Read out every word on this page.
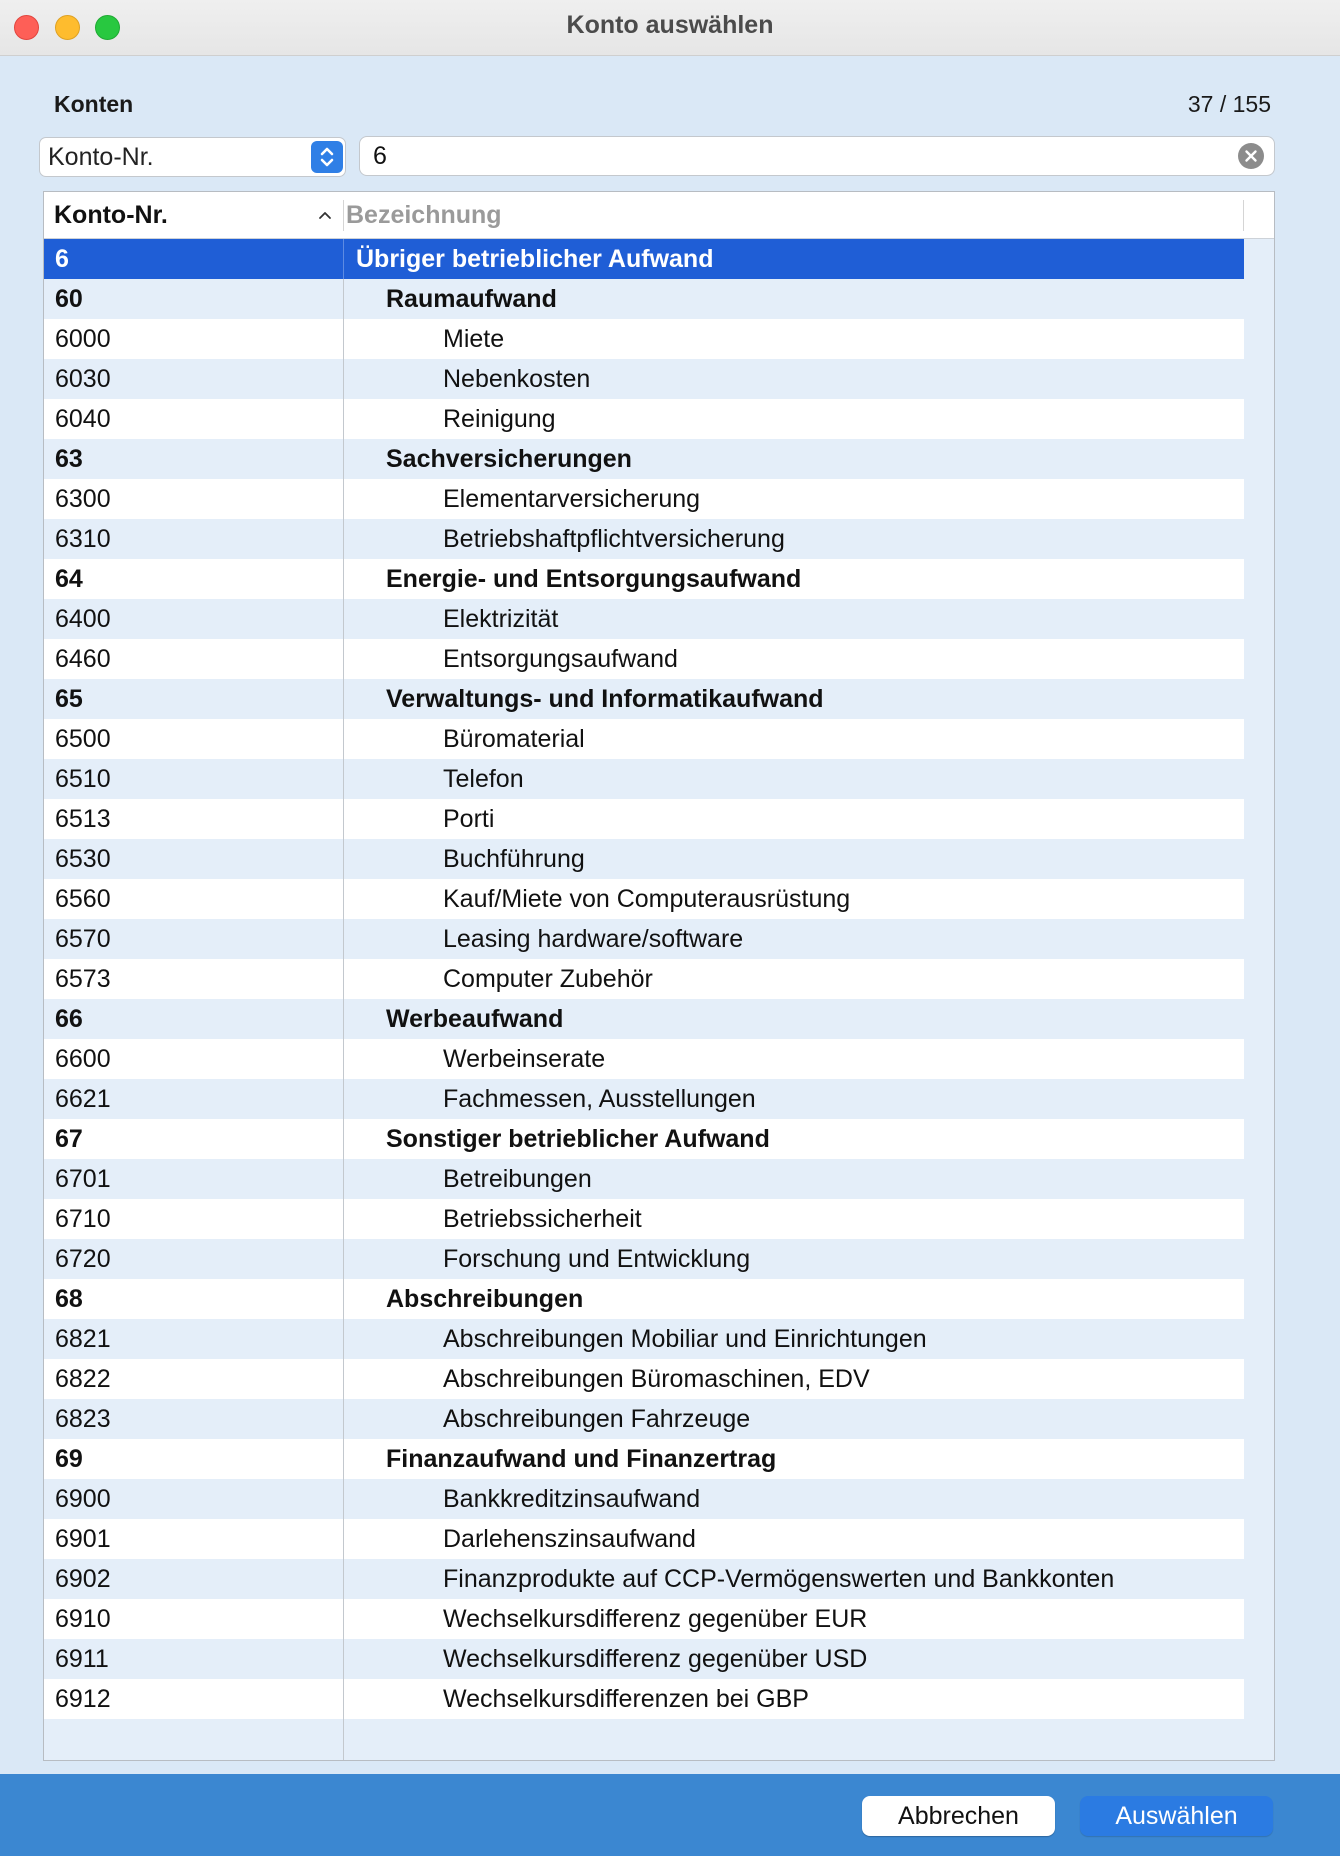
Konto auswählen
Konten	37 / 155
Konto-Nr.
6
Konto-Nr.	Bezeichnung
6	Übriger betrieblicher Aufwand
60	Raumaufwand
6000	Miete
6030	Nebenkosten
6040	Reinigung
63	Sachversicherungen
6300	Elementarversicherung
6310	Betriebshaftpflichtversicherung
64	Energie- und Entsorgungsaufwand
6400	Elektrizität
6460	Entsorgungsaufwand
65	Verwaltungs- und Informatikaufwand
6500	Büromaterial
6510	Telefon
6513	Porti
6530	Buchführung
6560	Kauf/Miete von Computerausrüstung
6570	Leasing hardware/software
6573	Computer Zubehör
66	Werbeaufwand
6600	Werbeinserate
6621	Fachmessen, Ausstellungen
67	Sonstiger betrieblicher Aufwand
6701	Betreibungen
6710	Betriebssicherheit
6720	Forschung und Entwicklung
68	Abschreibungen
6821	Abschreibungen Mobiliar und Einrichtungen
6822	Abschreibungen Büromaschinen, EDV
6823	Abschreibungen Fahrzeuge
69	Finanzaufwand und Finanzertrag
6900	Bankkreditzinsaufwand
6901	Darlehenszinsaufwand
6902	Finanzprodukte auf CCP-Vermögenswerten und Bankkonten
6910	Wechselkursdifferenz gegenüber EUR
6911	Wechselkursdifferenz gegenüber USD
6912	Wechselkursdifferenzen bei GBP
Abbrechen	Auswählen
